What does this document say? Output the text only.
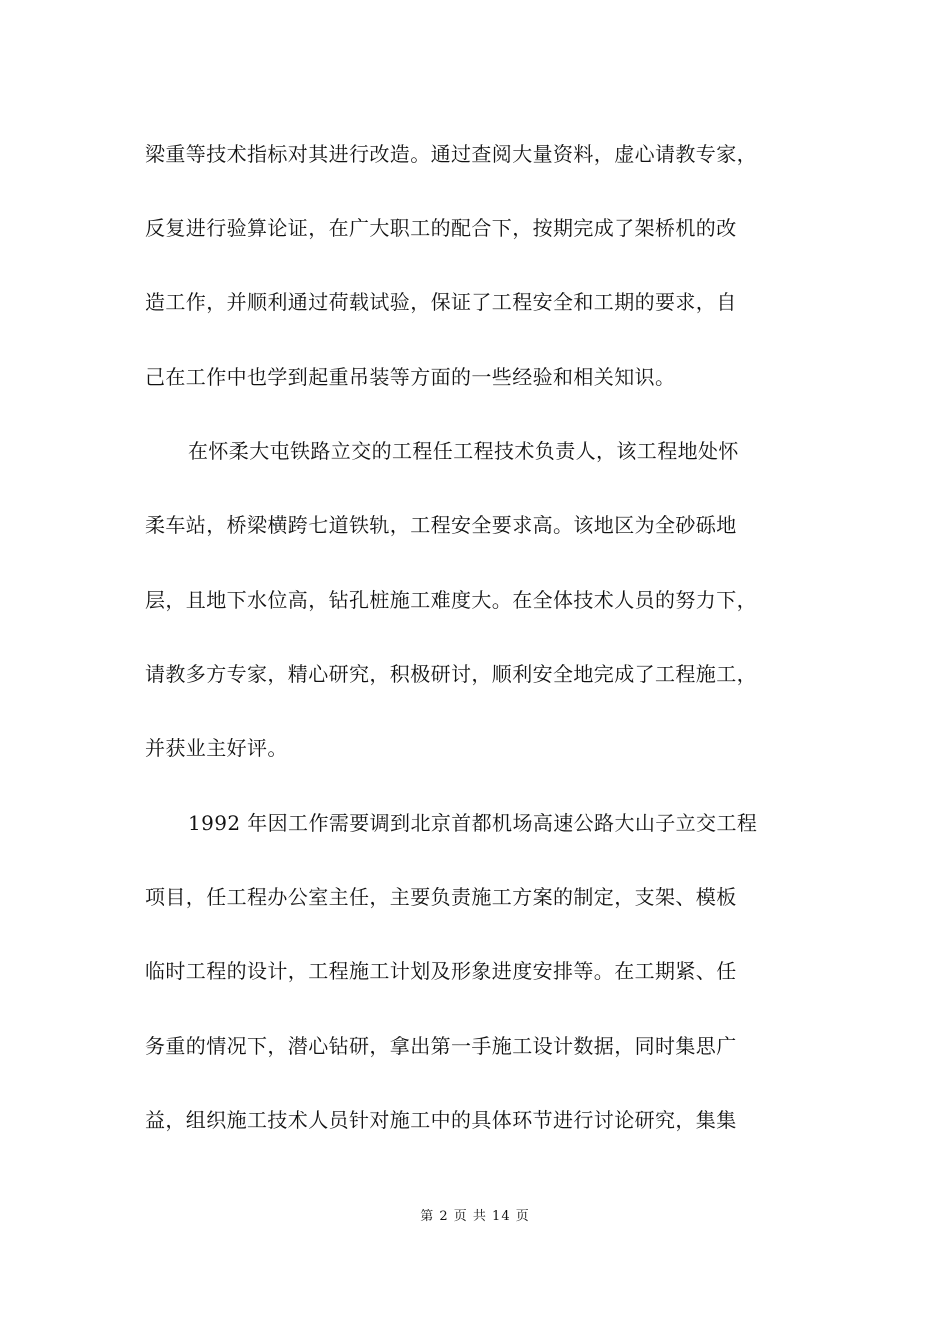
梁重等技术指标对其进行改造。通过查阅大量资料，虚心请教专家，
反复进行验算论证，在广大职工的配合下，按期完成了架桥机的改
造工作，并顺利通过荷载试验，保证了工程安全和工期的要求，自
己在工作中也学到起重吊装等方面的一些经验和相关知识。
在怀柔大屯铁路立交的工程任工程技术负责人，该工程地处怀
柔车站，桥梁横跨七道铁轨，工程安全要求高。该地区为全砂砾地
层，且地下水位高，钻孔桩施工难度大。在全体技术人员的努力下，
请教多方专家，精心研究，积极研讨，顺利安全地完成了工程施工，
并获业主好评。
1992 年因工作需要调到北京首都机场高速公路大山子立交工程
项目，任工程办公室主任，主要负责施工方案的制定，支架、模板
临时工程的设计，工程施工计划及形象进度安排等。在工期紧、任
务重的情况下，潜心钻研，拿出第一手施工设计数据，同时集思广
益，组织施工技术人员针对施工中的具体环节进行讨论研究，集集
第 2 页 共 14 页
